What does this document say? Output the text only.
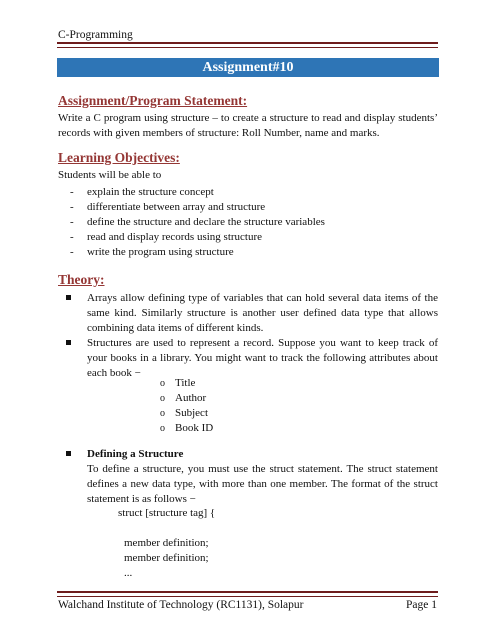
C-Programming
Assignment#10
Assignment/Program Statement:
Write a C program using structure – to create a structure to read and display students’ records with given members of structure: Roll Number, name and marks.
Learning Objectives:
Students will be able to
- explain the structure concept
- differentiate between array and structure
- define the structure and declare the structure variables
- read and display records using structure
- write the program using structure
Theory:
Arrays allow defining type of variables that can hold several data items of the same kind. Similarly structure is another user defined data type that allows combining data items of different kinds.
Structures are used to represent a record. Suppose you want to keep track of your books in a library. You might want to track the following attributes about each book −
o Title
o Author
o Subject
o Book ID
Defining a Structure
To define a structure, you must use the struct statement. The struct statement defines a new data type, with more than one member. The format of the struct statement is as follows −
struct [structure tag] {
member definition;
member definition;
...
Walchand Institute of Technology (RC1131), Solapur	Page 1
